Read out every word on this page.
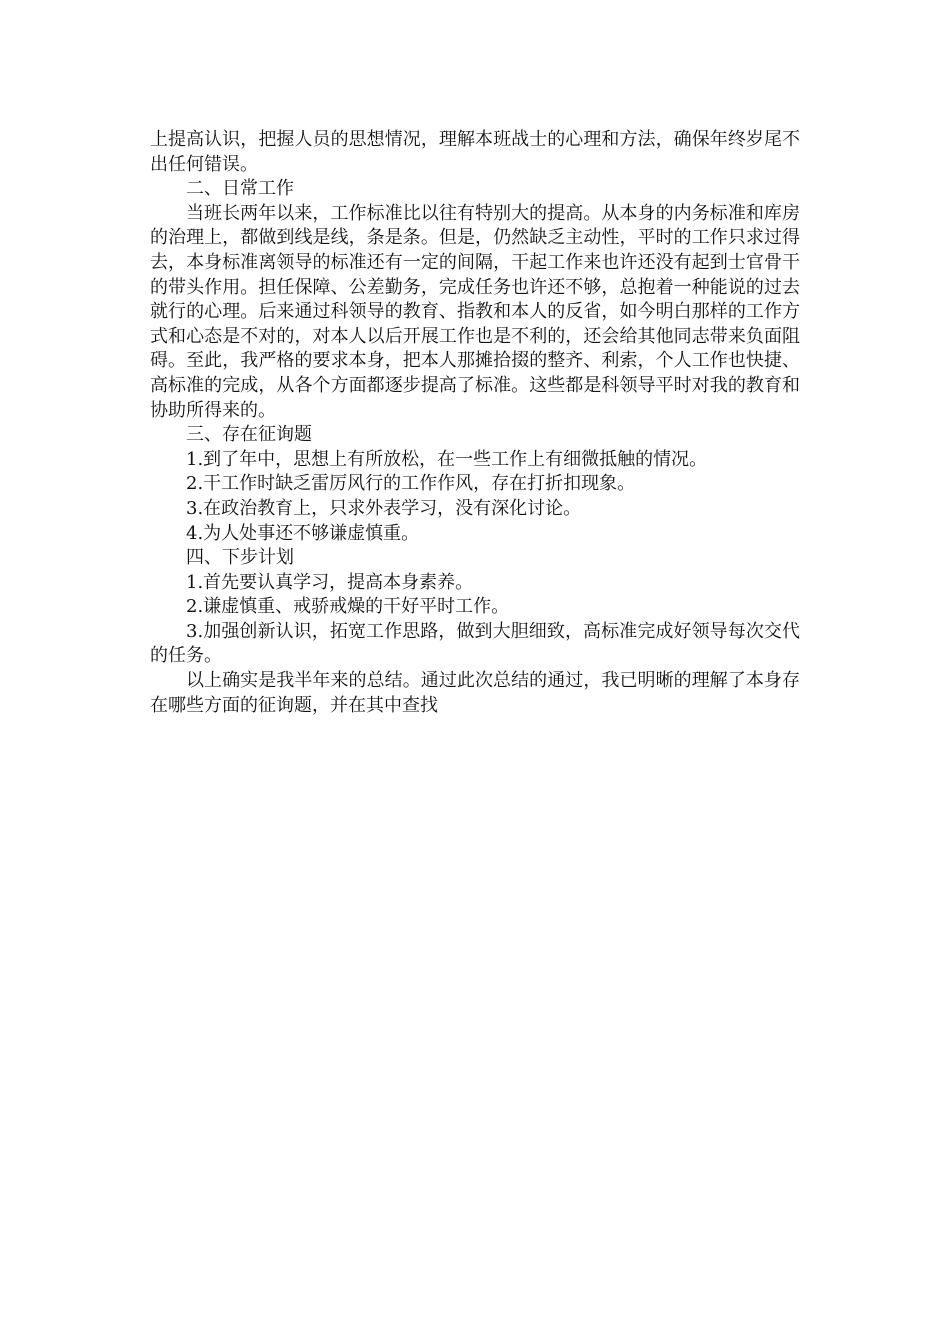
上提高认识，把握人员的思想情况，理解本班战士的心理和方法，确保年终岁尾不出任何错误。

二、日常工作

当班长两年以来，工作标准比以往有特别大的提高。从本身的内务标准和库房的治理上，都做到线是线，条是条。但是，仍然缺乏主动性，平时的工作只求过得去，本身标准离领导的标准还有一定的间隔，干起工作来也许还没有起到士官骨干的带头作用。担任保障、公差勤务，完成任务也许还不够，总抱着一种能说的过去就行的心理。后来通过科领导的教育、指教和本人的反省，如今明白那样的工作方式和心态是不对的，对本人以后开展工作也是不利的，还会给其他同志带来负面阻碍。至此，我严格的要求本身，把本人那摊拾掇的整齐、利索，个人工作也快捷、高标准的完成，从各个方面都逐步提高了标准。这些都是科领导平时对我的教育和协助所得来的。

三、存在征询题

1.到了年中，思想上有所放松，在一些工作上有细微抵触的情况。

2.干工作时缺乏雷厉风行的工作作风，存在打折扣现象。

3.在政治教育上，只求外表学习，没有深化讨论。

4.为人处事还不够谦虚慎重。

四、下步计划

1.首先要认真学习，提高本身素养。

2.谦虚慎重、戒骄戒燥的干好平时工作。

3.加强创新认识，拓宽工作思路，做到大胆细致，高标准完成好领导每次交代的任务。

以上确实是我半年来的总结。通过此次总结的通过，我已明晰的理解了本身存在哪些方面的征询题，并在其中查找
